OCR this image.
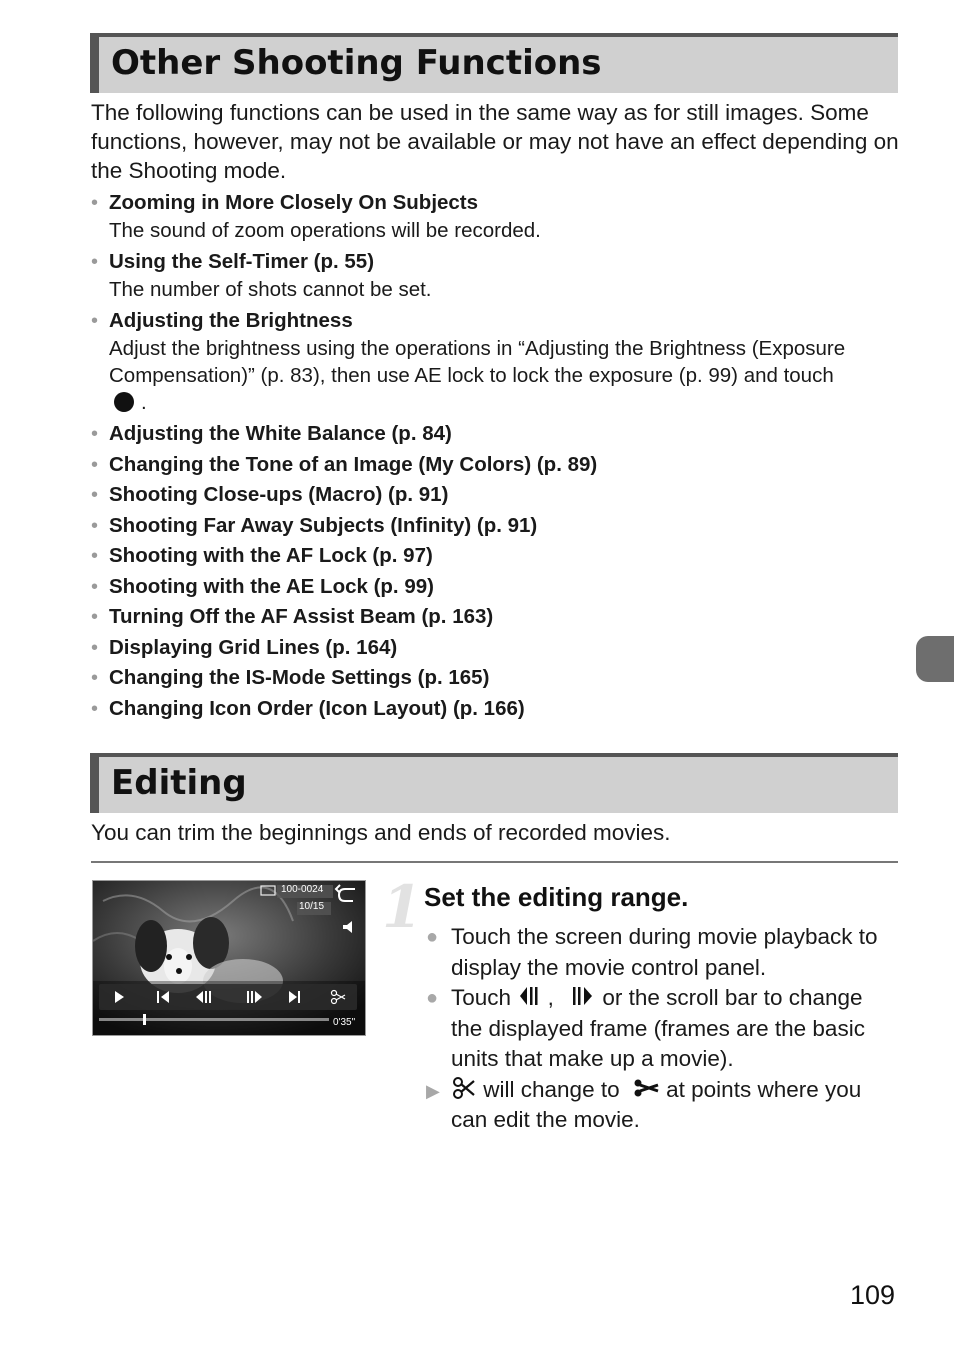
Other Shooting Functions

The following functions can be used in the same way as for still images. Some functions, however, may not be available or may not have an effect depending on the Shooting mode.

• Zooming in More Closely On Subjects
The sound of zoom operations will be recorded.
• Using the Self-Timer (p. 55)
The number of shots cannot be set.
• Adjusting the Brightness
Adjust the brightness using the operations in “Adjusting the Brightness (Exposure Compensation)” (p. 83), then use AE lock to lock the exposure (p. 99) and touch
.
• Adjusting the White Balance (p. 84)
• Changing the Tone of an Image (My Colors) (p. 89)
• Shooting Close-ups (Macro) (p. 91)
• Shooting Far Away Subjects (Infinity) (p. 91)
• Shooting with the AF Lock (p. 97)
• Shooting with the AE Lock (p. 99)
• Turning Off the AF Assist Beam (p. 163)
• Displaying Grid Lines (p. 164)
• Changing the IS-Mode Settings (p. 165)
• Changing Icon Order (Icon Layout) (p. 166)
Editing

You can trim the beginnings and ends of recorded movies.

100-0024
10/15
0'35"
1 Set the editing range.
● Touch the screen during movie playback to display the movie control panel.
● Touch , or the scroll bar to change the displayed frame (frames are the basic units that make up a movie).
▶ will change to at points where you can edit the movie.
109
